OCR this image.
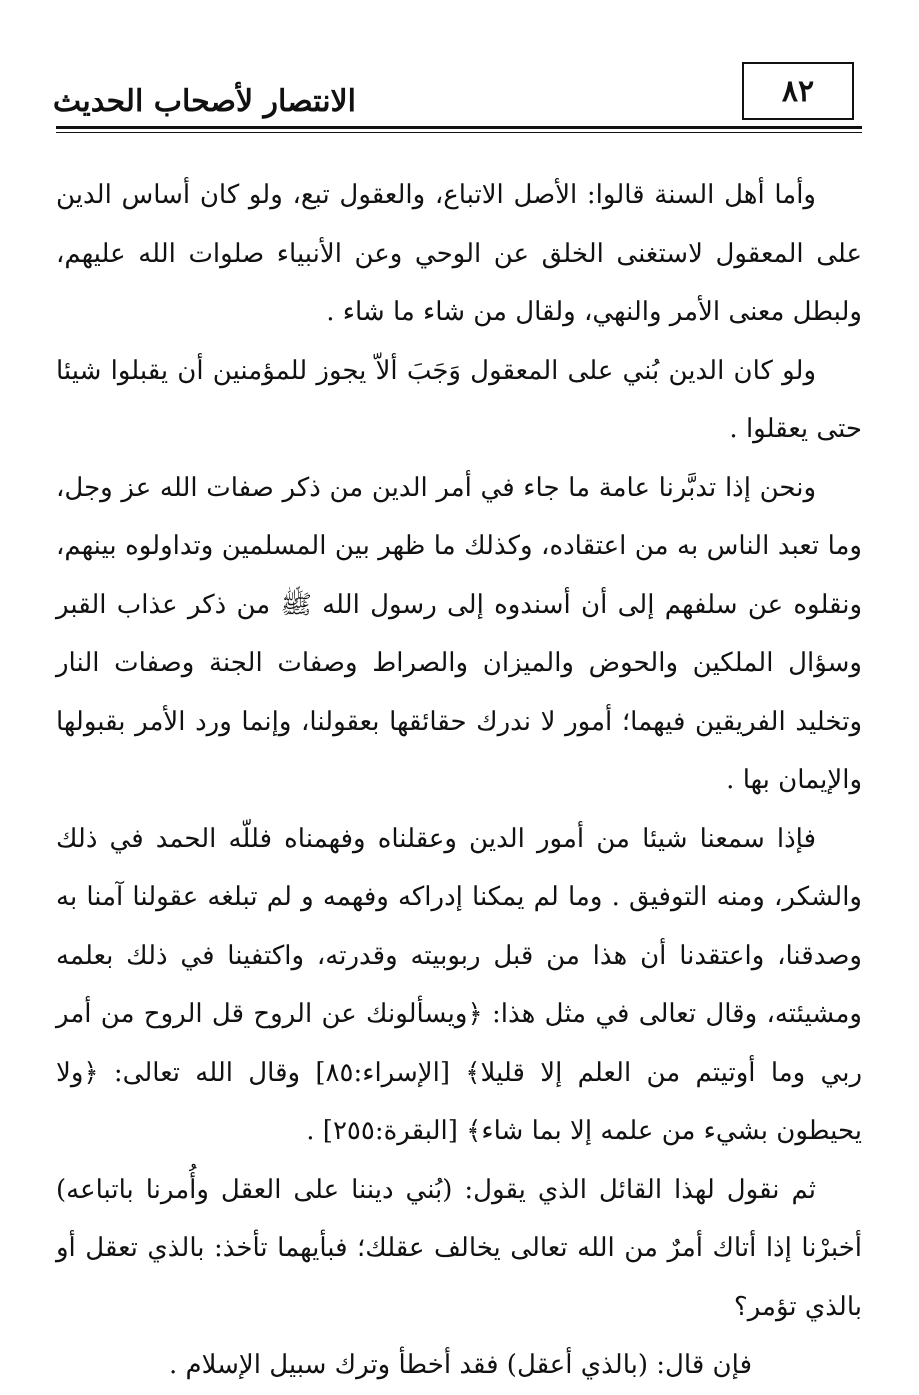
٨٢
الانتصار لأصحاب الحديث

وأما أهل السنة قالوا: الأصل الاتباع، والعقول تبع، ولو كان أساس الدين على المعقول لاستغنى الخلق عن الوحي وعن الأنبياء صلوات الله عليهم، ولبطل معنى الأمر والنهي، ولقال من شاء ما شاء .

ولو كان الدين بُني على المعقول وَجَبَ ألاّ يجوز للمؤمنين أن يقبلوا شيئا حتى يعقلوا .

ونحن إذا تدبَّرنا عامة ما جاء في أمر الدين من ذكر صفات الله عز وجل، وما تعبد الناس به من اعتقاده، وكذلك ما ظهر بين المسلمين وتداولوه بينهم، ونقلوه عن سلفهم إلى أن أسندوه إلى رسول الله ﷺ من ذكر عذاب القبر وسؤال الملكين والحوض والميزان والصراط وصفات الجنة وصفات النار وتخليد الفريقين فيهما؛ أمور لا ندرك حقائقها بعقولنا، وإنما ورد الأمر بقبولها والإيمان بها .

فإذا سمعنا شيئا من أمور الدين وعقلناه وفهمناه فللّه الحمد في ذلك والشكر، ومنه التوفيق . وما لم يمكنا إدراكه وفهمه و لم تبلغه عقولنا آمنا به وصدقنا، واعتقدنا أن هذا من قبل ربوبيته وقدرته، واكتفينا في ذلك بعلمه ومشيئته، وقال تعالى في مثل هذا: ﴿ويسألونك عن الروح قل الروح من أمر ربي وما أوتيتم من العلم إلا قليلا﴾ [الإسراء:٨٥] وقال الله تعالى: ﴿ولا يحيطون بشيء من علمه إلا بما شاء﴾ [البقرة:٢٥٥] .

ثم نقول لهذا القائل الذي يقول: (بُني ديننا على العقل وأُمرنا باتباعه) أخبرْنا إذا أتاك أمرٌ من الله تعالى يخالف عقلك؛ فبأيهما تأخذ: بالذي تعقل أو بالذي تؤمر؟

فإن قال: (بالذي أعقل) فقد أخطأ وترك سبيل الإسلام .
